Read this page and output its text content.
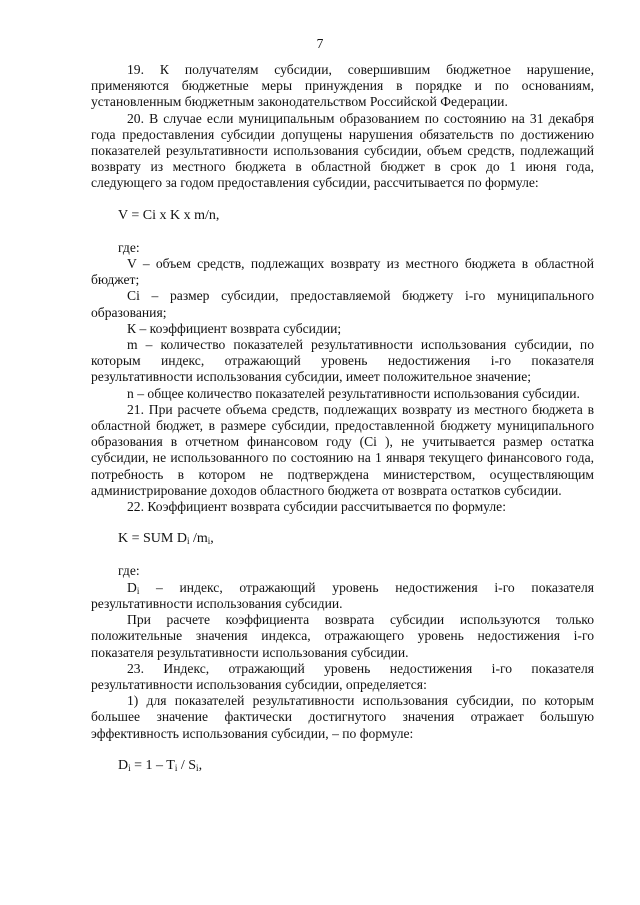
7

19. К получателям субсидии, совершившим бюджетное нарушение, применяются бюджетные меры принуждения в порядке и по основаниям, установленным бюджетным законодательством Российской Федерации.

20. В случае если муниципальным образованием по состоянию на 31 декабря года предоставления субсидии допущены нарушения обязательств по достижению показателей результативности использования субсидии, объем средств, подлежащий возврату из местного бюджета в областной бюджет в срок до 1 июня года, следующего за годом предоставления субсидии, рассчитывается по формуле:

V = Ci x K x m/n,

где:

V – объем средств, подлежащих возврату из местного бюджета в областной бюджет;

Ci – размер субсидии, предоставляемой бюджету i-го муниципального образования;

К – коэффициент возврата субсидии;

m – количество показателей результативности использования субсидии, по которым индекс, отражающий уровень недостижения i-го показателя результативности использования субсидии, имеет положительное значение;

n – общее количество показателей результативности использования субсидии.

21. При расчете объема средств, подлежащих возврату из местного бюджета в областной бюджет, в размере субсидии, предоставленной бюджету муниципального образования в отчетном финансовом году (Ci ), не учитывается размер остатка субсидии, не использованного по состоянию на 1 января текущего финансового года, потребность в котором не подтверждена министерством, осуществляющим администрирование доходов областного бюджета от возврата остатков субсидии.

22. Коэффициент возврата субсидии рассчитывается по формуле:

K = SUM $D_i$ $/m_i$,

где:

$D_i$ – индекс, отражающий уровень недостижения i-го показателя результативности использования субсидии.

При расчете коэффициента возврата субсидии используются только положительные значения индекса, отражающего уровень недостижения i-го показателя результативности использования субсидии.

23. Индекс, отражающий уровень недостижения i-го показателя результативности использования субсидии, определяется:

1) для показателей результативности использования субсидии, по которым большее значение фактически достигнутого значения отражает большую эффективность использования субсидии, – по формуле:

$D_i = 1 - T_i / S_i$,
